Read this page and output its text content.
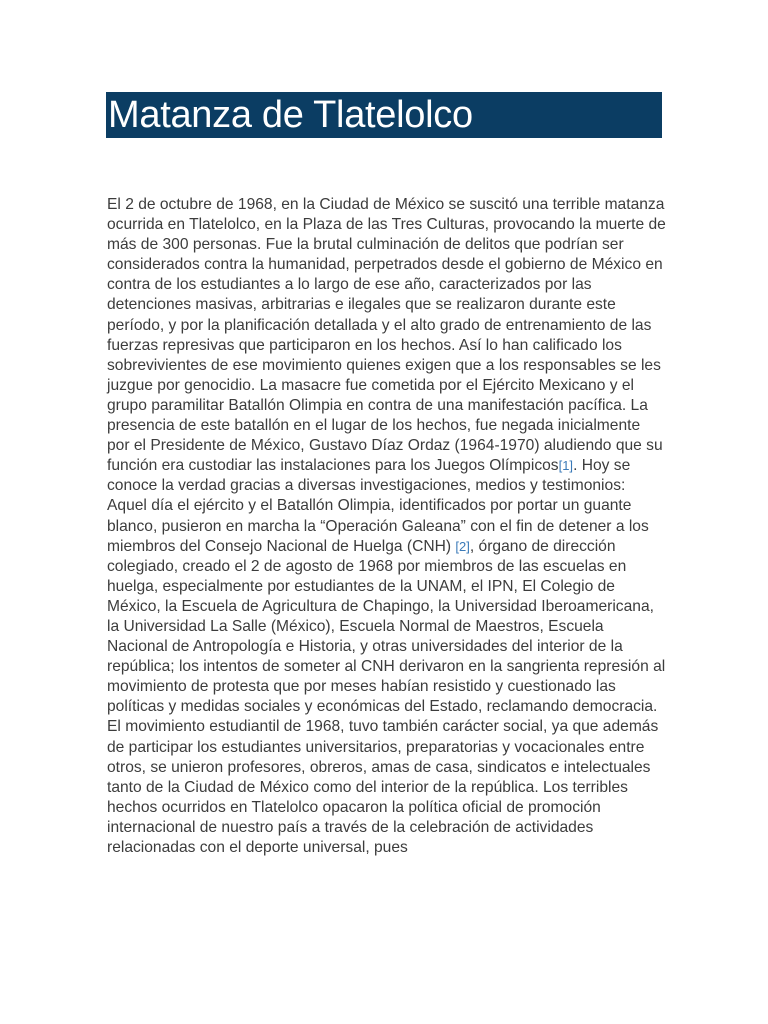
Matanza de Tlatelolco

El 2 de octubre de 1968, en la Ciudad de México se suscitó una terrible matanza ocurrida en Tlatelolco, en la Plaza de las Tres Culturas, provocando la muerte de más de 300 personas. Fue la brutal culminación de delitos que podrían ser considerados contra la humanidad, perpetrados desde el gobierno de México en contra de los estudiantes a lo largo de ese año, caracterizados por las detenciones masivas, arbitrarias e ilegales que se realizaron durante este período, y por la planificación detallada y el alto grado de entrenamiento de las fuerzas represivas que participaron en los hechos. Así lo han calificado los sobrevivientes de ese movimiento quienes exigen que a los responsables se les juzgue por genocidio. La masacre fue cometida por el Ejército Mexicano y el grupo paramilitar Batallón Olimpia en contra de una manifestación pacífica. La presencia de este batallón en el lugar de los hechos, fue negada inicialmente por el Presidente de México, Gustavo Díaz Ordaz (1964-1970) aludiendo que su función era custodiar las instalaciones para los Juegos Olímpicos[1]. Hoy se conoce la verdad gracias a diversas investigaciones, medios y testimonios: Aquel día el ejército y el Batallón Olimpia, identificados por portar un guante blanco, pusieron en marcha la “Operación Galeana” con el fin de detener a los miembros del Consejo Nacional de Huelga (CNH) [2], órgano de dirección colegiado, creado el 2 de agosto de 1968 por miembros de las escuelas en huelga, especialmente por estudiantes de la UNAM, el IPN, El Colegio de México, la Escuela de Agricultura de Chapingo, la Universidad Iberoamericana, la Universidad La Salle (México), Escuela Normal de Maestros, Escuela Nacional de Antropología e Historia, y otras universidades del interior de la república; los intentos de someter al CNH derivaron en la sangrienta represión al movimiento de protesta que por meses habían resistido y cuestionado las políticas y medidas sociales y económicas del Estado, reclamando democracia.

El movimiento estudiantil de 1968, tuvo también carácter social, ya que además de participar los estudiantes universitarios, preparatorias y vocacionales entre otros, se unieron profesores, obreros, amas de casa, sindicatos e intelectuales tanto de la Ciudad de México como del interior de la república. Los terribles hechos ocurridos en Tlatelolco opacaron la política oficial de promoción internacional de nuestro país a través de la celebración de actividades relacionadas con el deporte universal, pues
